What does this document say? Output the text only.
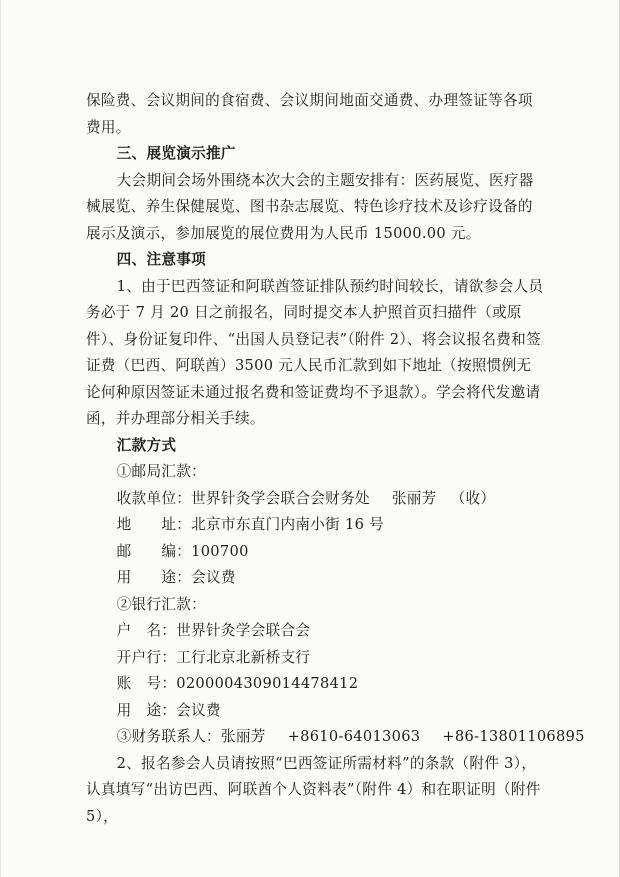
保险费、会议期间的食宿费、会议期间地面交通费、办理签证等各项

费用。

三、展览演示推广

大会期间会场外围绕本次大会的主题安排有：医药展览、医疗器械展览、养生保健展览、图书杂志展览、特色诊疗技术及诊疗设备的展示及演示，参加展览的展位费用为人民币 15000.00 元。

四、注意事项

1、由于巴西签证和阿联酋签证排队预约时间较长，请欲参会人员务必于 7 月 20 日之前报名，同时提交本人护照首页扫描件（或原件）、身份证复印件、“出国人员登记表”（附件 2）、将会议报名费和签证费（巴西、阿联酋）3500 元人民币汇款到如下地址（按照惯例无论何种原因签证未通过报名费和签证费均不予退款）。学会将代发邀请函，并办理部分相关手续。

汇款方式

①邮局汇款：

收款单位：世界针灸学会联合会财务处 张丽芳 （收）

地　　址：北京市东直门内南小街 16 号

邮　　编：100700

用　　途：会议费

②银行汇款：

户　名：世界针灸学会联合会

开户行：工行北京北新桥支行

账　号：0200004309014478412

用　途：会议费

③财务联系人：张丽芳 +8610-64013063 +86-13801106895

2、报名参会人员请按照“巴西签证所需材料”的条款（附件 3），认真填写“出访巴西、阿联酋个人资料表”（附件 4）和在职证明（附件 5），
